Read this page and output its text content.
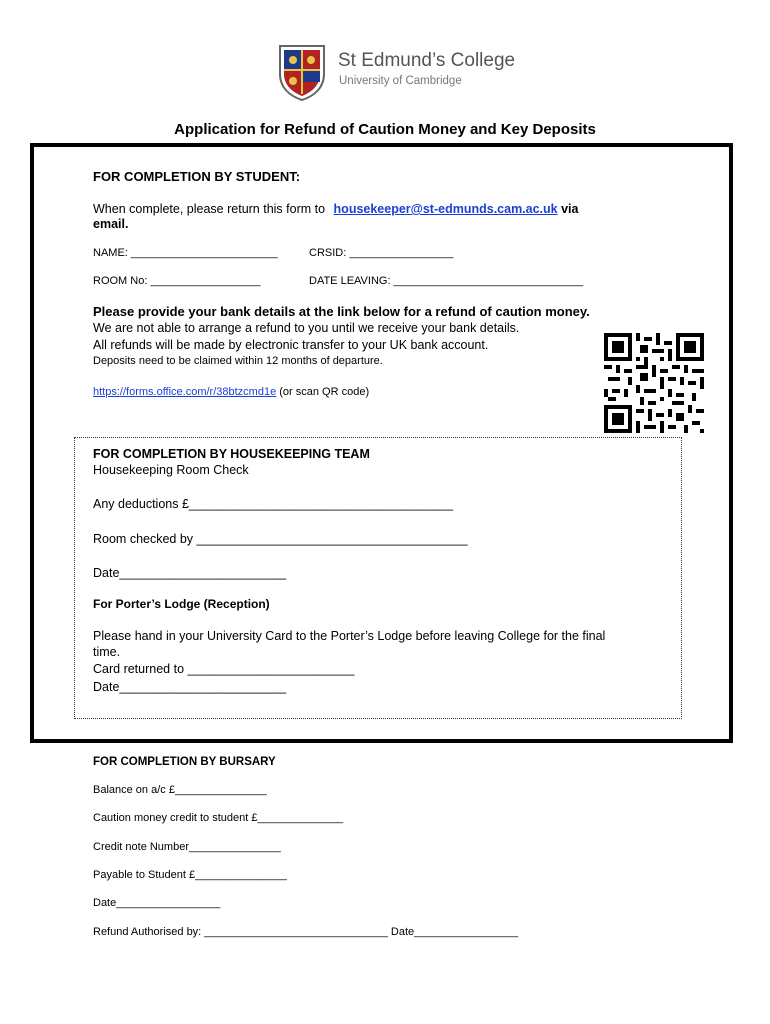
St Edmund’s College
University of Cambridge
Application for Refund of Caution Money and Key Deposits
FOR COMPLETION BY STUDENT:
When complete, please return this form to housekeeper@st-edmunds.cam.ac.uk via
email.
NAME: ________________________	CRSID: _________________
ROOM No: __________________	DATE LEAVING: _______________________________
Please provide your bank details at the link below for a refund of caution money.
We are not able to arrange a refund to you until we receive your bank details.
All refunds will be made by electronic transfer to your UK bank account.
Deposits need to be claimed within 12 months of departure.
https://forms.office.com/r/38btzcmd1e (or scan QR code)
FOR COMPLETION BY HOUSEKEEPING TEAM
Housekeeping Room Check
Any deductions £______________________________________
Room checked by _______________________________________
Date________________________
For Porter’s Lodge (Reception)
Please hand in your University Card to the Porter’s Lodge before leaving College for the final
time.
Card returned to ________________________
Date________________________
FOR COMPLETION BY BURSARY
Balance on a/c £_______________
Caution money credit to student £______________
Credit note Number_______________
Payable to Student £_______________
Date_________________
Refund Authorised by: ______________________________ Date_________________
